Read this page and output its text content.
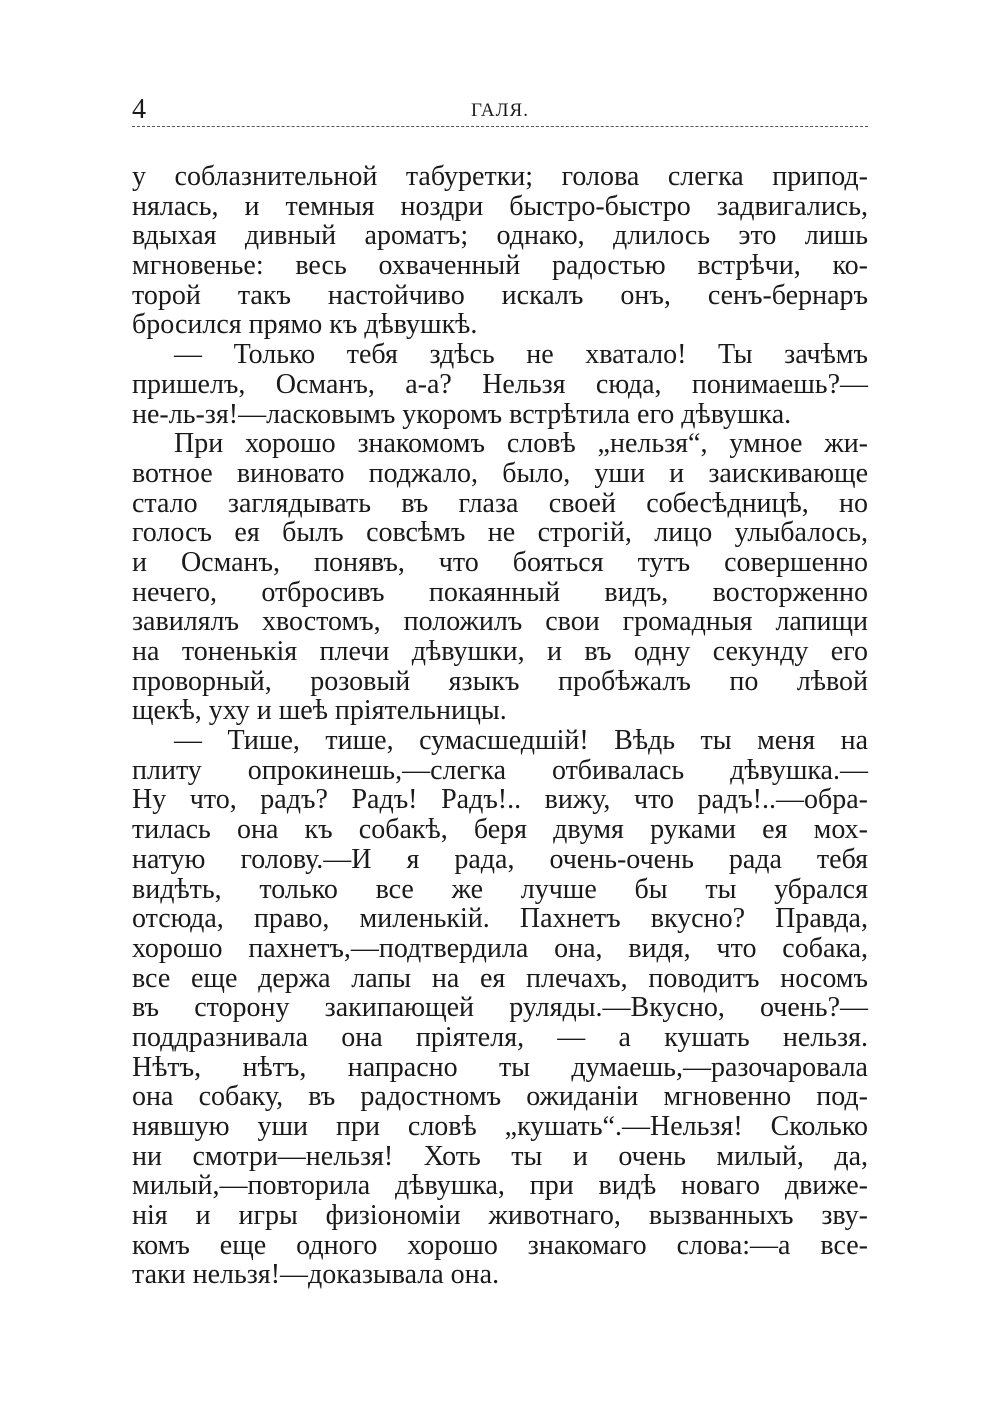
4	ГАЛЯ.
у соблазнительной табуретки; голова слегка припод-
нялась, и темныя ноздри быстро-быстро задвигались,
вдыхая дивный ароматъ; однако, длилось это лишь
мгновенье: весь охваченный радостью встрѣчи, ко-
торой такъ настойчиво искалъ онъ, сенъ-бернаръ
бросился прямо къ дѣвушкѣ.
— Только тебя здѣсь не хватало! Ты зачѣмъ
пришелъ, Османъ, а-а? Нельзя сюда, понимаешь?—
не-ль-зя!—ласковымъ укоромъ встрѣтила его дѣвушка.
При хорошо знакомомъ словѣ „нельзя“, умное жи-
вотное виновато поджало, было, уши и заискивающе
стало заглядывать въ глаза своей собесѣдницѣ, но
голосъ ея былъ совсѣмъ не строгій, лицо улыбалось,
и Османъ, понявъ, что бояться тутъ совершенно
нечего, отбросивъ покаянный видъ, восторженно
завилялъ хвостомъ, положилъ свои громадныя лапищи
на тоненькія плечи дѣвушки, и въ одну секунду его
проворный, розовый языкъ пробѣжалъ по лѣвой
щекѣ, уху и шеѣ пріятельницы.
— Тише, тише, сумасшедшій! Вѣдь ты меня на
плиту опрокинешь,—слегка отбивалась дѣвушка.—
Ну что, радъ? Радъ! Радъ!.. вижу, что радъ!..—обра-
тилась она къ собакѣ, беря двумя руками ея мох-
натую голову.—И я рада, очень-очень рада тебя
видѣть, только все же лучше бы ты убрался
отсюда, право, миленькій. Пахнетъ вкусно? Правда,
хорошо пахнетъ,—подтвердила она, видя, что собака,
все еще держа лапы на ея плечахъ, поводитъ носомъ
въ сторону закипающей руляды.—Вкусно, очень?—
поддразнивала она пріятеля, — а кушать нельзя.
Нѣтъ, нѣтъ, напрасно ты думаешь,—разочаровала
она собаку, въ радостномъ ожиданіи мгновенно под-
нявшую уши при словѣ „кушать“.—Нельзя! Сколько
ни смотри—нельзя! Хоть ты и очень милый, да,
милый,—повторила дѣвушка, при видѣ новаго движе-
нія и игры физіономіи животнаго, вызванныхъ зву-
комъ еще одного хорошо знакомаго слова:—а все-
таки нельзя!—доказывала она.
